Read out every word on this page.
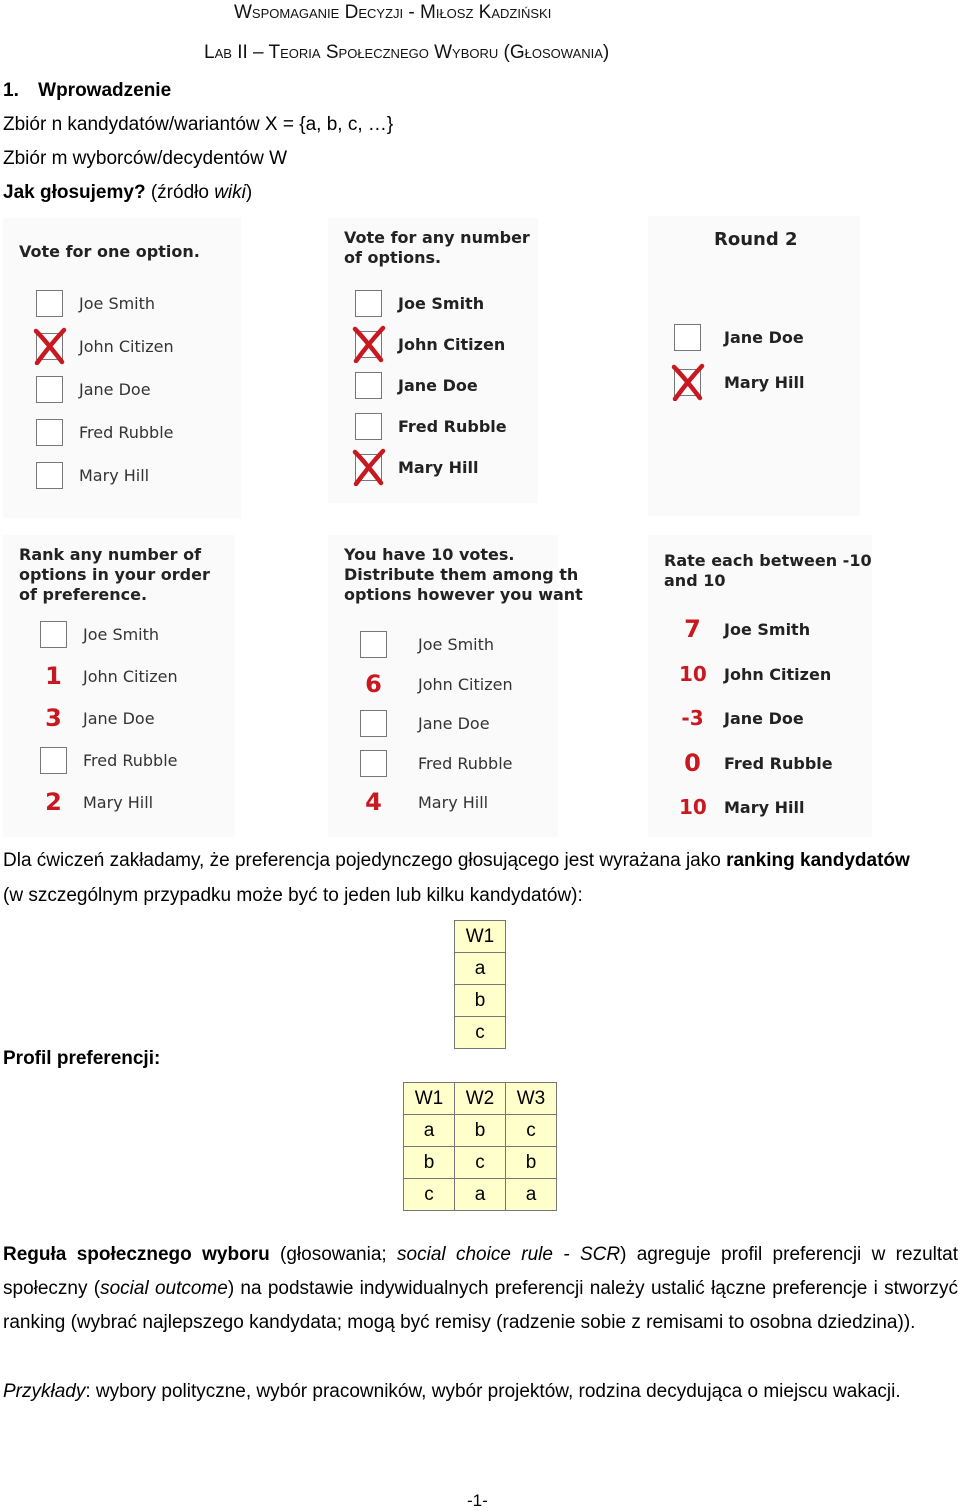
Wspomaganie Decyzji - Miłosz Kadziński
Lab II – Teoria Społecznego Wyboru (Głosowania)
1. Wprowadzenie
Zbiór n kandydatów/wariantów X = {a, b, c, …}
Zbiór m wyborców/decydentów W
Jak głosujemy? (źródło wiki)
Vote for one option.
Joe Smith
John Citizen
Jane Doe
Fred Rubble
Mary Hill
Vote for any number
of options.
Joe Smith
John Citizen
Jane Doe
Fred Rubble
Mary Hill
Round 2
Jane Doe
Mary Hill
Rank any number of
options in your order
of preference.
Joe Smith
1	John Citizen
3	Jane Doe
Fred Rubble
2	Mary Hill
You have 10 votes.
Distribute them among th
options however you want
Joe Smith
6	John Citizen
Jane Doe
Fred Rubble
4	Mary Hill
Rate each between -10
and 10
7	Joe Smith
10 John Citizen
-3 Jane Doe
0	Fred Rubble
10 Mary Hill
Dla ćwiczeń zakładamy, że preferencja pojedynczego głosującego jest wyrażana jako ranking kandydatów
(w szczególnym przypadku może być to jeden lub kilku kandydatów):
W1
a
b
c
Profil preferencji:
W1	W2	W3
a	b	c
b	c	b
c	a	a
Reguła społecznego wyboru (głosowania; social choice rule - SCR) agreguje profil preferencji w rezultat społeczny (social outcome) na podstawie indywidualnych preferencji należy ustalić łączne preferencje i stworzyć ranking (wybrać najlepszego kandydata; mogą być remisy (radzenie sobie z remisami to osobna dziedzina)).
Przykłady: wybory polityczne, wybór pracowników, wybór projektów, rodzina decydująca o miejscu wakacji.
-1-
